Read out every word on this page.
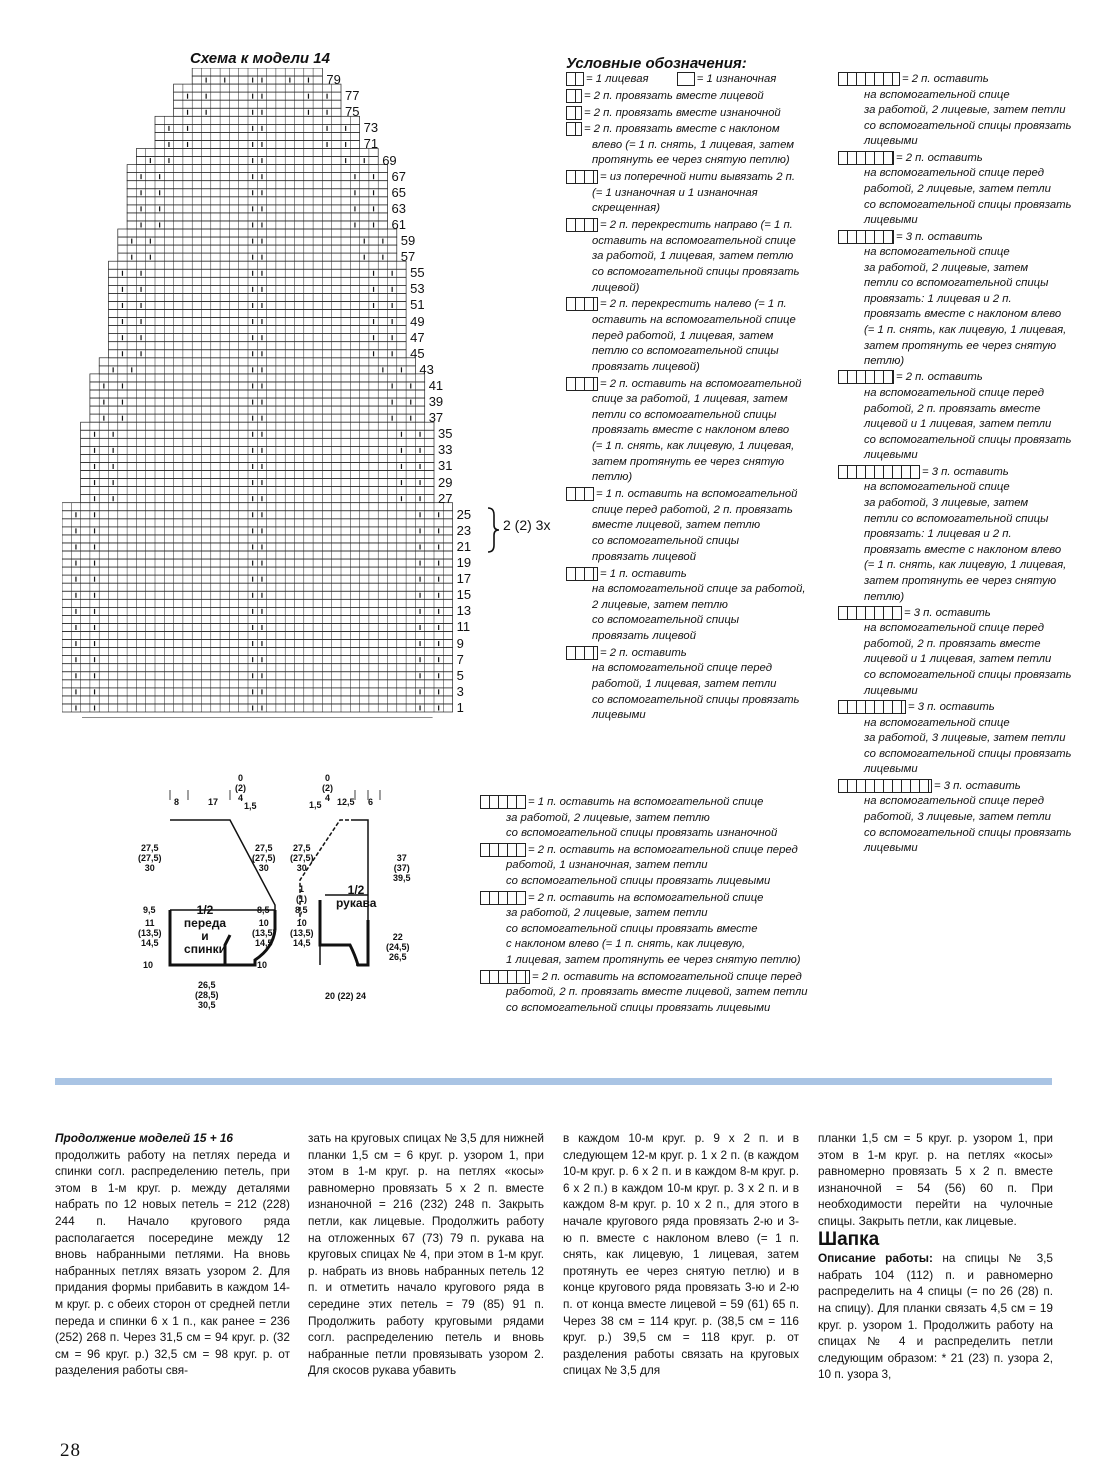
Схема к модели 14
79
77
75
73
71
69
67
65
63
61
59
57
55
53
51
49
47
45
43
41
39
37
35
33
31
29
27
25
23
21
19
17
15
13
11
9
7
5
3
1
2 (2) 3х
Условные обозначения:
= 1 лицевая	= 1 изнаночная
= 2 п. провязать вместе лицевой
= 2 п. провязать вместе изнаночной
= 2 п. провязать вместе с наклоном
влево (= 1 п. снять, 1 лицевая, затем
протянуть ее через снятую петлю)
= из поперечной нити вывязать 2 п.
(= 1 изнаночная и 1 изнаночная
скрещенная)
= 2 п. перекрестить направо (= 1 п.
оставить на вспомогательной спице
за работой, 1 лицевая, затем петлю
со вспомогательной спицы провязать
лицевой)
= 2 п. перекрестить налево (= 1 п.
оставить на вспомогательной спице
перед работой, 1 лицевая, затем
петлю со вспомогательной спицы
провязать лицевой)
= 2 п. оставить на вспомогательной
спице за работой, 1 лицевая, затем
петли со вспомогательной спицы
провязать вместе с наклоном влево
(= 1 п. снять, как лицевую, 1 лицевая,
затем протянуть ее через снятую
петлю)
= 1 п. оставить на вспомогательной
спице перед работой, 2 п. провязать
вместе лицевой, затем петлю
со вспомогательной спицы
провязать лицевой
= 1 п. оставить
на вспомогательной спице за работой,
2 лицевые, затем петлю
со вспомогательной спицы
провязать лицевой
= 2 п. оставить
на вспомогательной спице перед
работой, 1 лицевая, затем петли
со вспомогательной спицы провязать
лицевыми
= 2 п. оставить
на вспомогательной спице
за работой, 2 лицевые, затем петли
со вспомогательной спицы провязать
лицевыми
= 2 п. оставить
на вспомогательной спице перед
работой, 2 лицевые, затем петли
со вспомогательной спицы провязать
лицевыми
= 3 п. оставить
на вспомогательной спице
за работой, 2 лицевые, затем
петли со вспомогательной спицы
провязать: 1 лицевая и 2 п.
провязать вместе с наклоном влево
(= 1 п. снять, как лицевую, 1 лицевая,
затем протянуть ее через снятую
петлю)
= 2 п. оставить
на вспомогательной спице перед
работой, 2 п. провязать вместе
лицевой и 1 лицевая, затем петли
со вспомогательной спицы провязать
лицевыми
= 3 п. оставить
на вспомогательной спице
за работой, 3 лицевые, затем
петли со вспомогательной спицы
провязать: 1 лицевая и 2 п.
провязать вместе с наклоном влево
(= 1 п. снять, как лицевую, 1 лицевая,
затем протянуть ее через снятую
петлю)
= 3 п. оставить
на вспомогательной спице перед
работой, 2 п. провязать вместе
лицевой и 1 лицевая, затем петли
со вспомогательной спицы провязать
лицевыми
= 3 п. оставить
на вспомогательной спице
за работой, 3 лицевые, затем петли
со вспомогательной спицы провязать
лицевыми
= 3 п. оставить
на вспомогательной спице перед
работой, 3 лицевые, затем петли
со вспомогательной спицы провязать
лицевыми
= 1 п. оставить на вспомогательной спице
за работой, 2 лицевые, затем петлю
со вспомогательной спицы провязать изнаночной
= 2 п. оставить на вспомогательной спице перед
работой, 1 изнаночная, затем петли
со вспомогательной спицы провязать лицевыми
= 2 п. оставить на вспомогательной спице
за работой, 2 лицевые, затем петли
со вспомогательной спицы провязать вместе
с наклоном влево (= 1 п. снять, как лицевую,
1 лицевая, затем протянуть ее через снятую петлю)
= 2 п. оставить на вспомогательной спице перед
работой, 2 п. провязать вместе лицевой, затем петли
со вспомогательной спицы провязать лицевыми
8	17
0
(2)
4
1,5
27,5
(27,5)
30
9,5
11
(13,5)
14,5
10
27,5
(27,5)
30
8,5
10
(13,5)
14,5
10
1/2
переда
и спинки
26,5
(28,5)
30,5
1,5
0
(2)
4 12,5 6
27,5
(27,5)
30
1
(1)
8,5
10
(13,5)
14,5
37
(37)
39,5
22
(24,5)
26,5
1/2
рукава
20 (22) 24
Продолжение моделей 15 + 16

продолжить работу на петлях переда и спинки согл. распределению петель, при этом в 1-м круг. р. между деталями набрать по 12 новых петель = 212 (228) 244 п. Начало кругового ряда располагается посередине между 12 вновь набранными петлями. На вновь набранных петлях вязать узором 2. Для придания формы прибавить в каждом 14-м круг. р. с обеих сторон от средней петли переда и спинки 6 х 1 п., как ранее = 236 (252) 268 п. Через 31,5 см = 94 круг. р. (32 см = 96 круг. р.) 32,5 см = 98 круг. р. от разделения работы свя-

зать на круговых спицах № 3,5 для нижней планки 1,5 см = 6 круг. р. узором 1, при этом в 1-м круг. р. на петлях «косы» равномерно провязать 5 х 2 п. вместе изнаночной = 216 (232) 248 п. Закрыть петли, как лицевые. Продолжить работу на отложенных 67 (73) 79 п. рукава на круговых спицах № 4, при этом в 1-м круг. р. набрать из вновь набранных петель 12 п. и отметить начало кругового ряда в середине этих петель = 79 (85) 91 п. Продолжить работу круговыми рядами согл. распределению петель и вновь набранные петли провязывать узором 2. Для скосов рукава убавить

в каждом 10-м круг. р. 9 х 2 п. и в следующем 12-м круг. р. 1 х 2 п. (в каждом 10-м круг. р. 6 х 2 п. и в каждом 8-м круг. р. 6 х 2 п.) в каждом 10-м круг. р. 3 х 2 п. и в каждом 8-м круг. р. 10 х 2 п., для этого в начале кругового ряда провязать 2-ю и 3-ю п. вместе с наклоном влево (= 1 п. снять, как лицевую, 1 лицевая, затем протянуть ее через снятую петлю) и в конце кругового ряда провязать 3-ю и 2-ю п. от конца вместе лицевой = 59 (61) 65 п. Через 38 см = 114 круг. р. (38,5 см = 116 круг. р.) 39,5 см = 118 круг. р. от разделения работы связать на круговых спицах № 3,5 для

планки 1,5 см = 5 круг. р. узором 1, при этом в 1-м круг. р. на петлях «косы» равномерно провязать 5 х 2 п. вместе изнаночной = 54 (56) 60 п. При необходимости перейти на чулочные спицы. Закрыть петли, как лицевые.

Шапка

Описание работы: на спицы № 3,5 набрать 104 (112) п. и равномерно распределить на 4 спицы (= по 26 (28) п. на спицу). Для планки связать 4,5 см = 19 круг. р. узором 1. Продолжить работу на спицах № 4 и распределить петли следующим образом: * 21 (23) п. узора 2, 10 п. узора 3,

28
